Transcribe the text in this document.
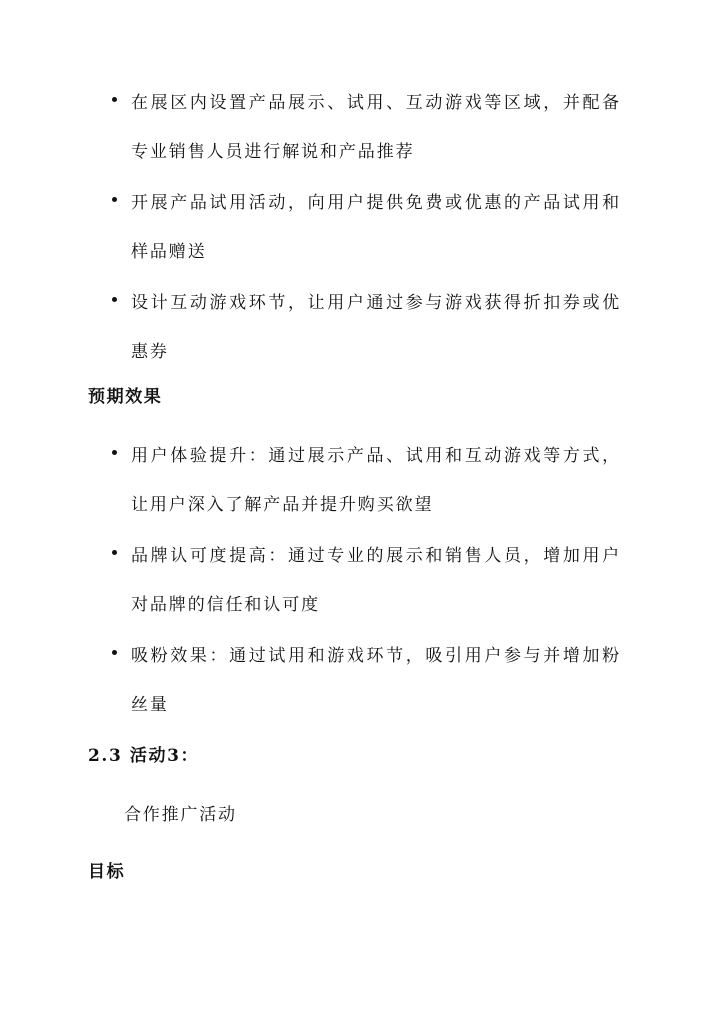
在展区内设置产品展示、试用、互动游戏等区域，并配备专业销售人员进行解说和产品推荐
开展产品试用活动，向用户提供免费或优惠的产品试用和样品赠送
设计互动游戏环节，让用户通过参与游戏获得折扣券或优惠券
预期效果
用户体验提升：通过展示产品、试用和互动游戏等方式，让用户深入了解产品并提升购买欲望
品牌认可度提高：通过专业的展示和销售人员，增加用户对品牌的信任和认可度
吸粉效果：通过试用和游戏环节，吸引用户参与并增加粉丝量
2.3 活动3：
合作推广活动
目标
